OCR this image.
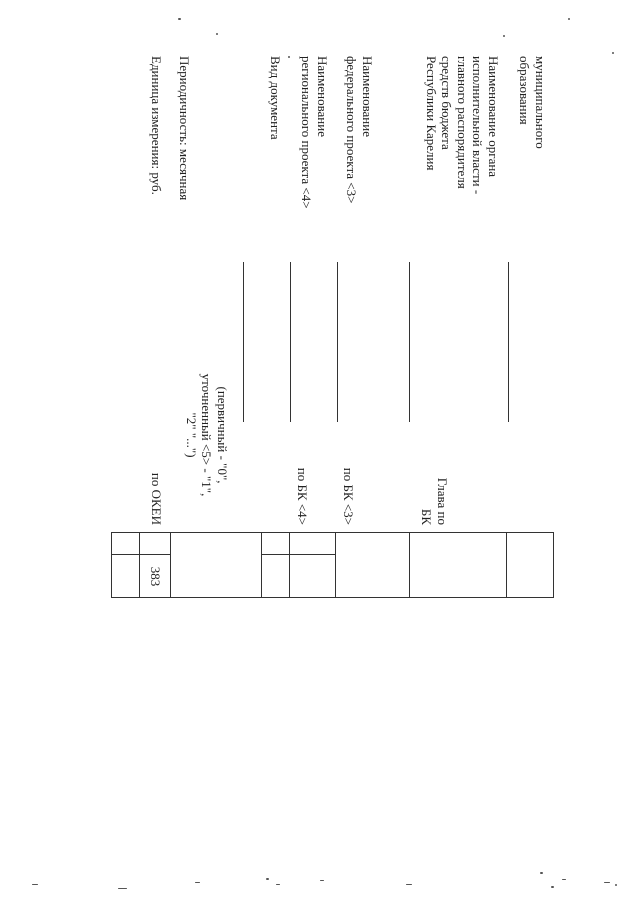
муниципального
образования
Наименование органа
исполнительной власти -
главного распорядителя
средств бюджета
Республики Карелия
Наименование
федерального проекта <3>
Наименование
регионального проекта <4>
Вид документа
Периодичность: месячная
Единица измерения: руб.
(первичный - "0",
уточненный <5> - "1",
"2" "...")
Глава по
БК
по БК <3>
по БК <4>
по ОКЕИ
383
